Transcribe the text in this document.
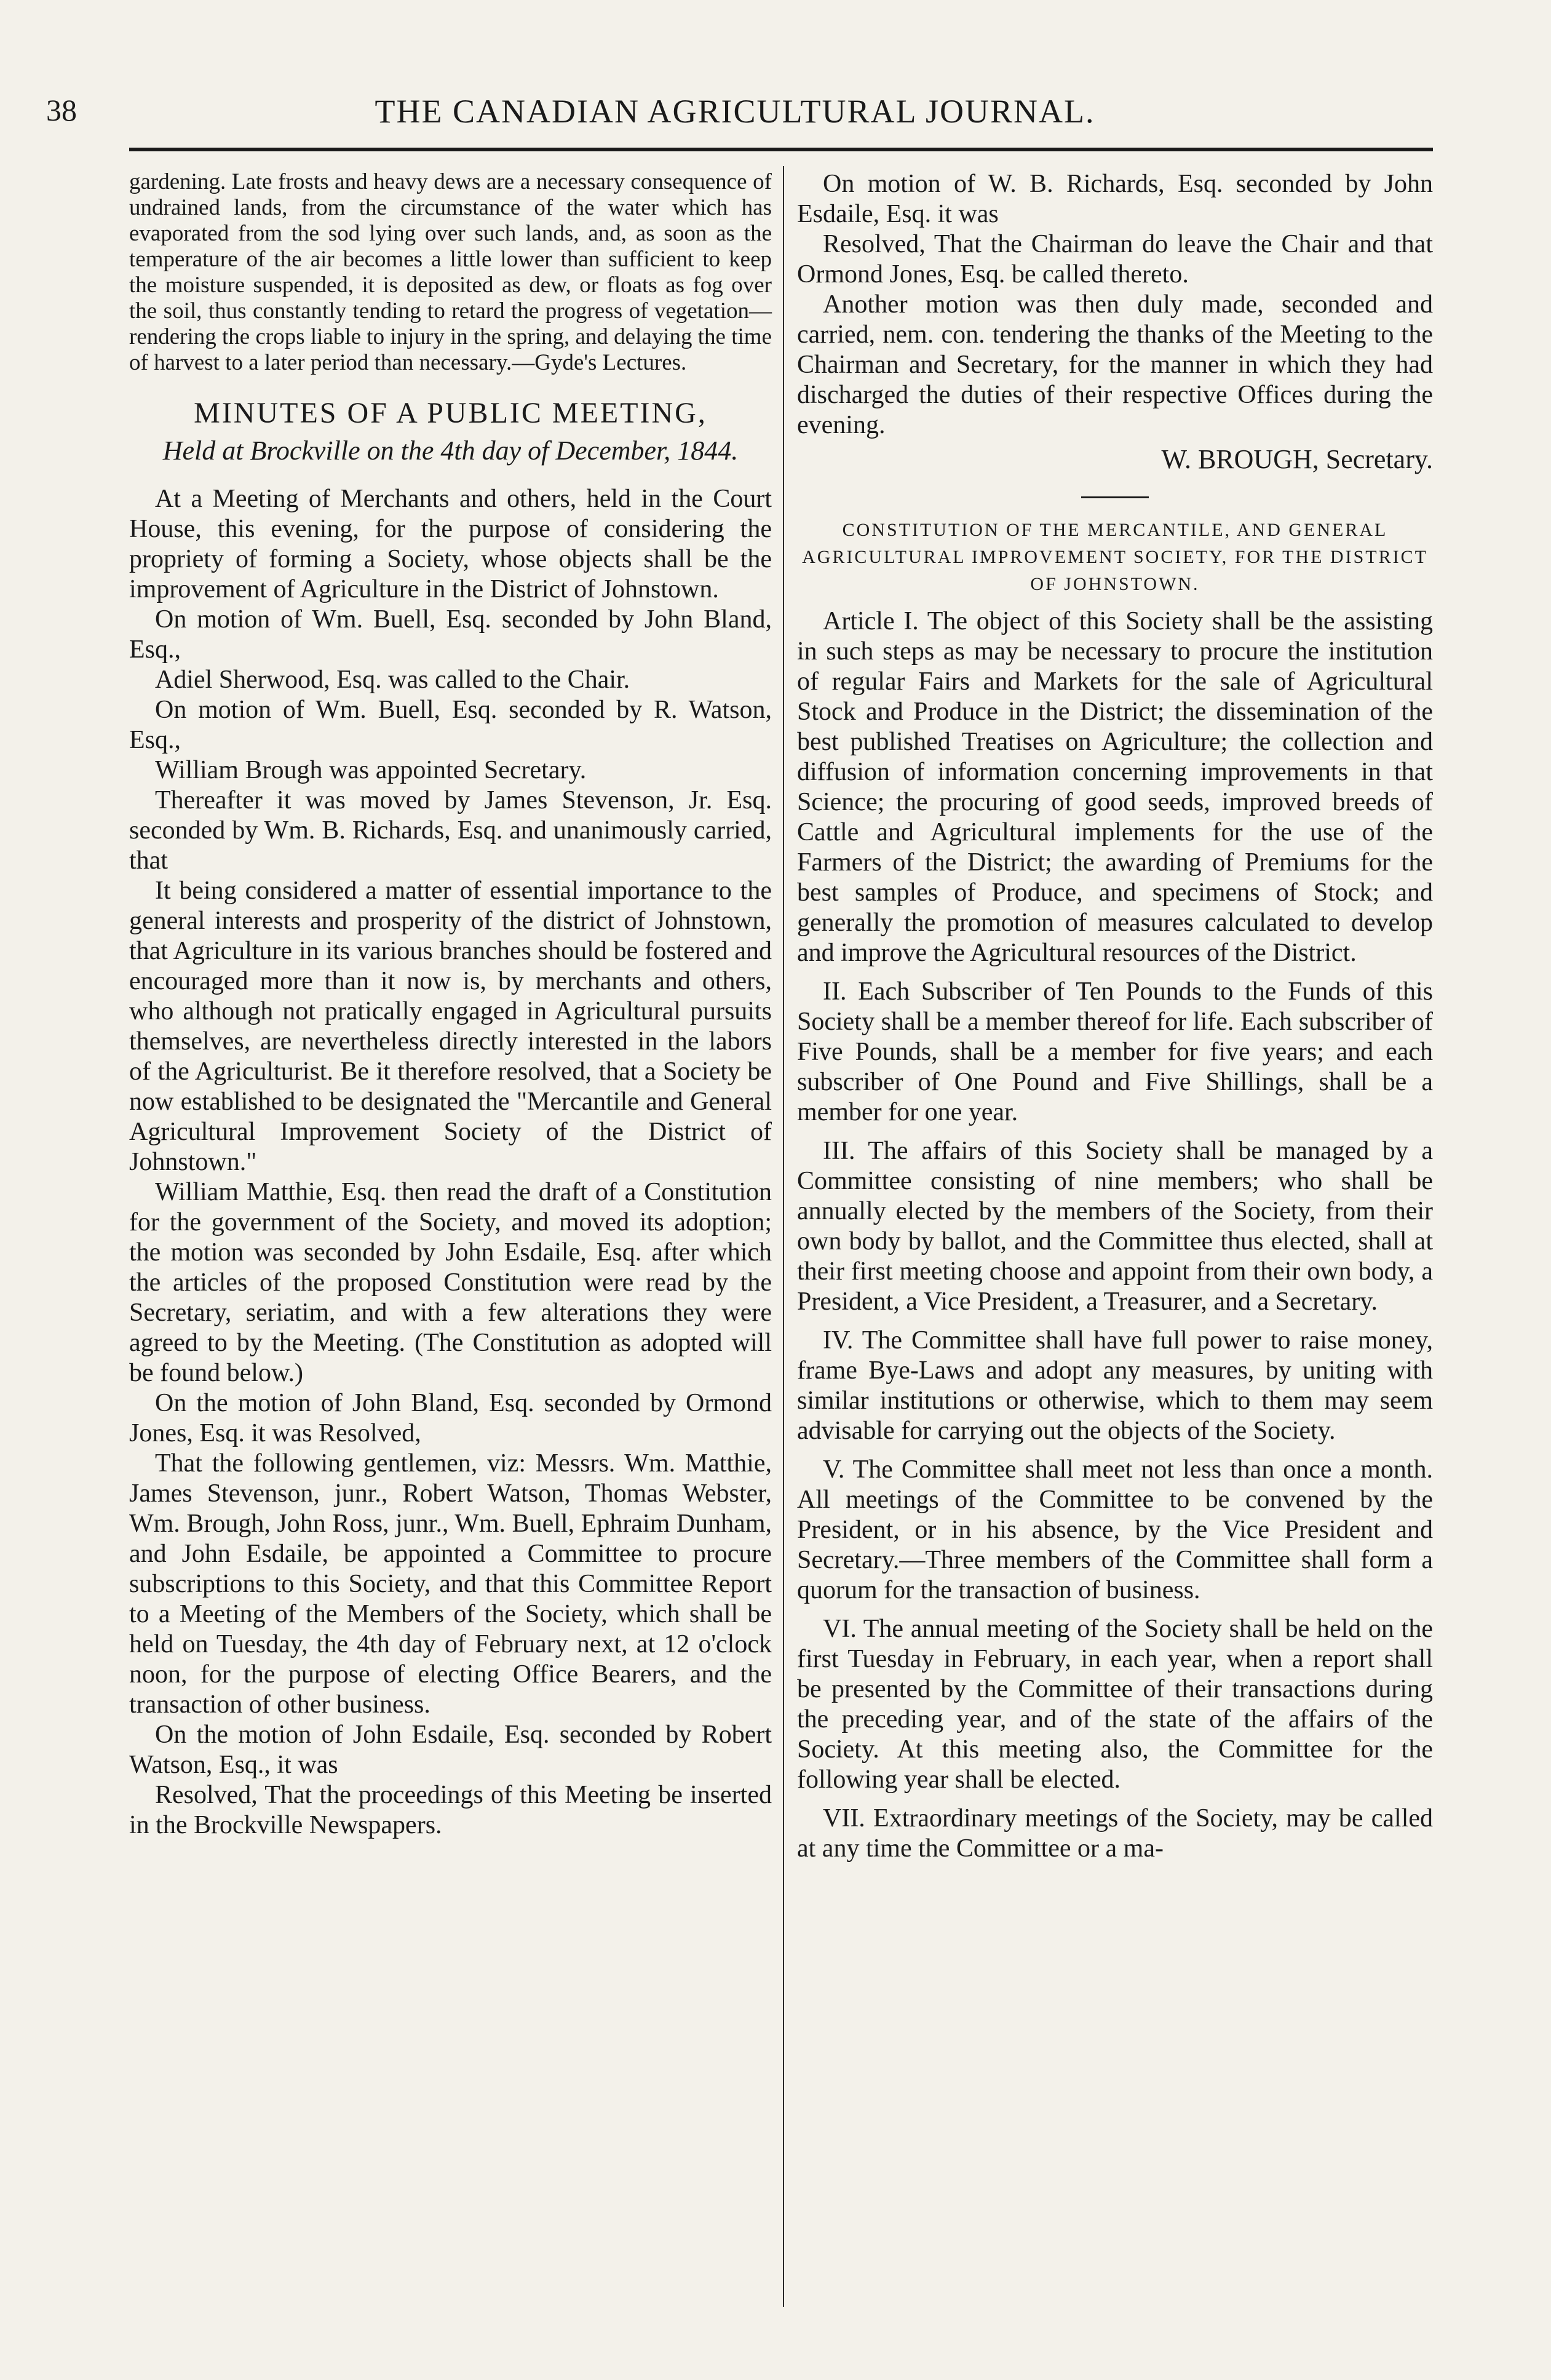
38	THE CANADIAN AGRICULTURAL JOURNAL.

gardening. Late frosts and heavy dews are a necessary consequence of undrained lands, from the circumstance of the water which has evaporated from the sod lying over such lands, and, as soon as the temperature of the air becomes a little lower than sufficient to keep the moisture suspended, it is deposited as dew, or floats as fog over the soil, thus constantly tending to retard the progress of vegetation—rendering the crops liable to injury in the spring, and delaying the time of harvest to a later period than necessary.—Gyde's Lectures.

MINUTES OF A PUBLIC MEETING,
Held at Brockville on the 4th day of December, 1844.

At a Meeting of Merchants and others, held in the Court House, this evening, for the purpose of considering the propriety of forming a Society, whose objects shall be the improvement of Agriculture in the District of Johnstown.

On motion of Wm. Buell, Esq. seconded by John Bland, Esq.,

Adiel Sherwood, Esq. was called to the Chair.

On motion of Wm. Buell, Esq. seconded by R. Watson, Esq.,

William Brough was appointed Secretary.

Thereafter it was moved by James Stevenson, Jr. Esq. seconded by Wm. B. Richards, Esq. and unanimously carried, that

It being considered a matter of essential importance to the general interests and prosperity of the district of Johnstown, that Agriculture in its various branches should be fostered and encouraged more than it now is, by merchants and others, who although not pratically engaged in Agricultural pursuits themselves, are nevertheless directly interested in the labors of the Agriculturist. Be it therefore resolved, that a Society be now established to be designated the "Mercantile and General Agricultural Improvement Society of the District of Johnstown."

William Matthie, Esq. then read the draft of a Constitution for the government of the Society, and moved its adoption; the motion was seconded by John Esdaile, Esq. after which the articles of the proposed Constitution were read by the Secretary, seriatim, and with a few alterations they were agreed to by the Meeting. (The Constitution as adopted will be found below.)

On the motion of John Bland, Esq. seconded by Ormond Jones, Esq. it was Resolved,

That the following gentlemen, viz: Messrs. Wm. Matthie, James Stevenson, junr., Robert Watson, Thomas Webster, Wm. Brough, John Ross, junr., Wm. Buell, Ephraim Dunham, and John Esdaile, be appointed a Committee to procure subscriptions to this Society, and that this Committee Report to a Meeting of the Members of the Society, which shall be held on Tuesday, the 4th day of February next, at 12 o'clock noon, for the purpose of electing Office Bearers, and the transaction of other business.

On the motion of John Esdaile, Esq. seconded by Robert Watson, Esq., it was

Resolved, That the proceedings of this Meeting be inserted in the Brockville Newspapers.

On motion of W. B. Richards, Esq. seconded by John Esdaile, Esq. it was

Resolved, That the Chairman do leave the Chair and that Ormond Jones, Esq. be called thereto.

Another motion was then duly made, seconded and carried, nem. con. tendering the thanks of the Meeting to the Chairman and Secretary, for the manner in which they had discharged the duties of their respective Offices during the evening.

W. BROUGH, Secretary.
CONSTITUTION OF THE MERCANTILE, AND GENERAL AGRICULTURAL IMPROVEMENT SOCIETY, FOR THE DISTRICT OF JOHNSTOWN.

Article I. The object of this Society shall be the assisting in such steps as may be necessary to procure the institution of regular Fairs and Markets for the sale of Agricultural Stock and Produce in the District; the dissemination of the best published Treatises on Agriculture; the collection and diffusion of information concerning improvements in that Science; the procuring of good seeds, improved breeds of Cattle and Agricultural implements for the use of the Farmers of the District; the awarding of Premiums for the best samples of Produce, and specimens of Stock; and generally the promotion of measures calculated to develop and improve the Agricultural resources of the District.

II. Each Subscriber of Ten Pounds to the Funds of this Society shall be a member thereof for life. Each subscriber of Five Pounds, shall be a member for five years; and each subscriber of One Pound and Five Shillings, shall be a member for one year.

III. The affairs of this Society shall be managed by a Committee consisting of nine members; who shall be annually elected by the members of the Society, from their own body by ballot, and the Committee thus elected, shall at their first meeting choose and appoint from their own body, a President, a Vice President, a Treasurer, and a Secretary.

IV. The Committee shall have full power to raise money, frame Bye-Laws and adopt any measures, by uniting with similar institutions or otherwise, which to them may seem advisable for carrying out the objects of the Society.

V. The Committee shall meet not less than once a month. All meetings of the Committee to be convened by the President, or in his absence, by the Vice President and Secretary.—Three members of the Committee shall form a quorum for the transaction of business.

VI. The annual meeting of the Society shall be held on the first Tuesday in February, in each year, when a report shall be presented by the Committee of their transactions during the preceding year, and of the state of the affairs of the Society. At this meeting also, the Committee for the following year shall be elected.

VII. Extraordinary meetings of the Society, may be called at any time the Committee or a ma-
